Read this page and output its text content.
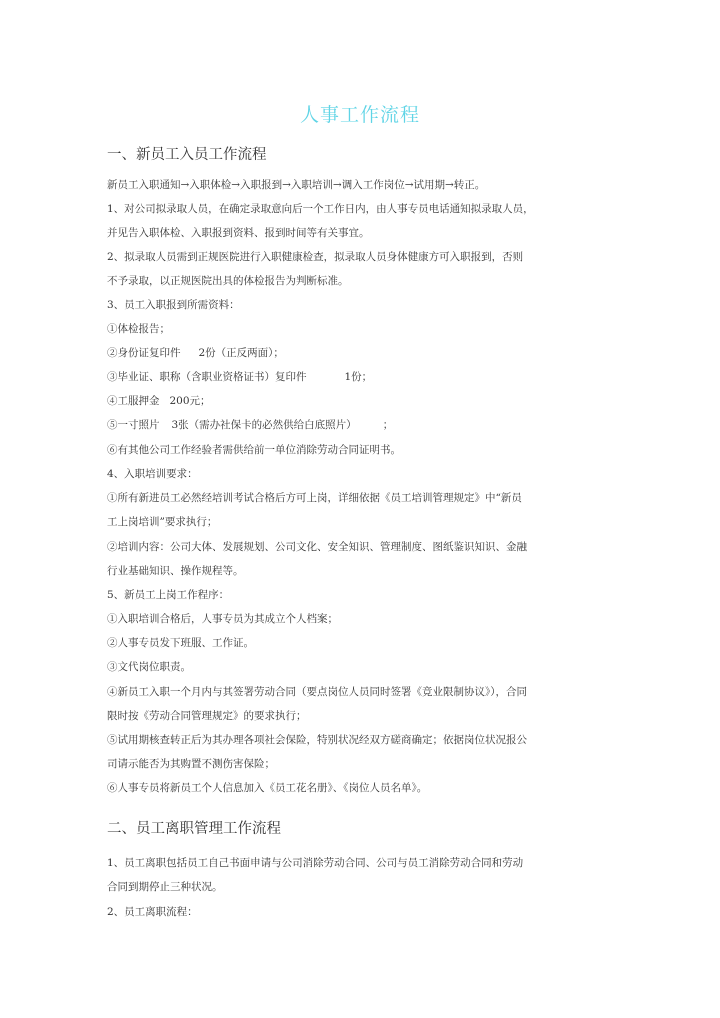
人事工作流程
一、新员工入员工作流程

新员工入职通知→入职体检→入职报到→入职培训→调入工作岗位→试用期→转正。

1、对公司拟录取人员，在确定录取意向后一个工作日内，由人事专员电话通知拟录取人员，

并见告入职体检、入职报到资料、报到时间等有关事宜。

2、拟录取人员需到正规医院进行入职健康检查，拟录取人员身体健康方可入职报到，否则

不予录取，以正规医院出具的体检报告为判断标准。

3、员工入职报到所需资料：

①体检报告；

②身份证复印件 2份（正反两面）；

③毕业证、职称（含职业资格证书）复印件	1份；

④工服押金 200元；

⑤一寸照片 3张（需办社保卡的必然供给白底照片） ；

⑥有其他公司工作经验者需供给前一单位消除劳动合同证明书。

4、入职培训要求：

①所有新进员工必然经培训考试合格后方可上岗，详细依据《员工培训管理规定》中“新员

工上岗培训”要求执行；

②培训内容：公司大体、发展规划、公司文化、安全知识、管理制度、图纸鉴识知识、金融

行业基础知识、操作规程等。

5、新员工上岗工作程序：

①入职培训合格后，人事专员为其成立个人档案；

②人事专员发下班服、工作证。

③文代岗位职责。

④新员工入职一个月内与其签署劳动合同（要点岗位人员同时签署《竞业限制协议》），合同

限时按《劳动合同管理规定》的要求执行；

⑤试用期核查转正后为其办理各项社会保险，特别状况经双方磋商确定；依据岗位状况报公

司请示能否为其购置不测伤害保险；

⑥人事专员将新员工个人信息加入《员工花名册》、《岗位人员名单》。

二、员工离职管理工作流程

1、员工离职包括员工自己书面申请与公司消除劳动合同、公司与员工消除劳动合同和劳动

合同到期停止三种状况。

2、员工离职流程：
